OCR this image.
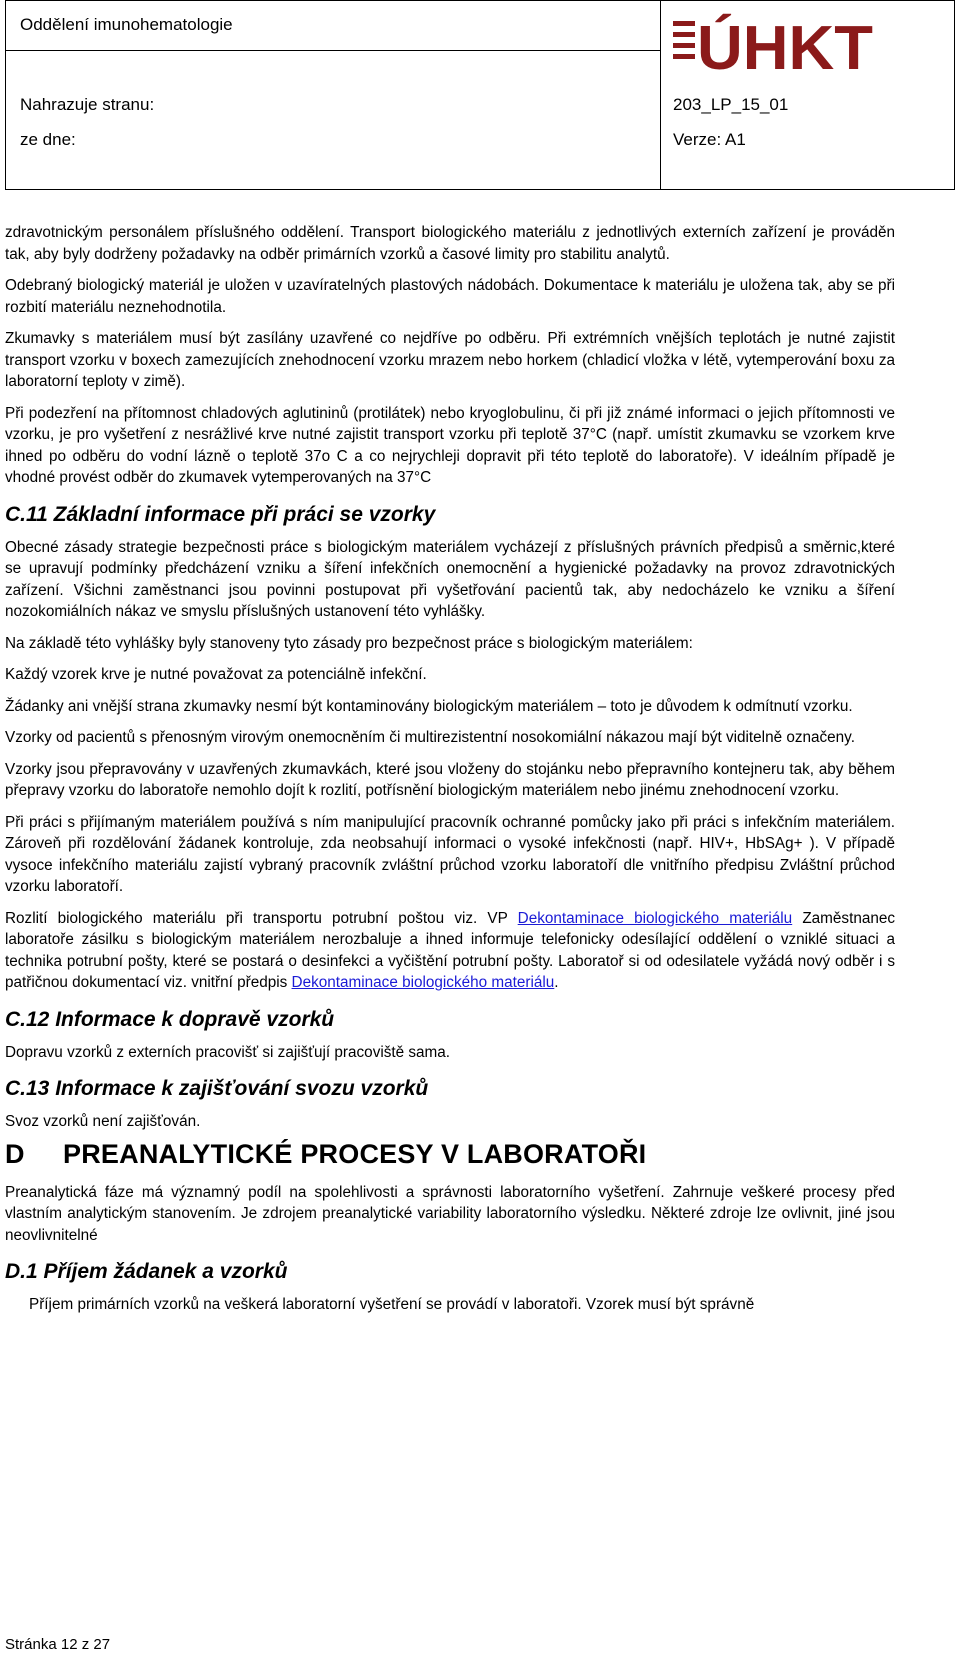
Oddělení imunohematologie
Nahrazuje stranu:
ze dne:
ÚHKT
203_LP_15_01
Verze: A1

zdravotnickým personálem příslušného oddělení. Transport biologického materiálu z jednotlivých externích zařízení je prováděn tak, aby byly dodrženy požadavky na odběr primárních vzorků a časové limity pro stabilitu analytů.

Odebraný biologický materiál je uložen v uzavíratelných plastových nádobách. Dokumentace k materiálu je uložena tak, aby se při rozbití materiálu neznehodnotila.

Zkumavky s materiálem musí být zasílány uzavřené co nejdříve po odběru. Při extrémních vnějších teplotách je nutné zajistit transport vzorku v boxech zamezujících znehodnocení vzorku mrazem nebo horkem (chladicí vložka v létě, vytemperování boxu za laboratorní teploty v zimě).

Při podezření na přítomnost chladových aglutininů (protilátek) nebo kryoglobulinu, či při již známé informaci o jejich přítomnosti ve vzorku, je pro vyšetření z nesrážlivé krve nutné zajistit transport vzorku při teplotě 37°C (např. umístit zkumavku se vzorkem krve ihned po odběru do vodní lázně o teplotě 37o C a co nejrychleji dopravit při této teplotě do laboratoře). V ideálním případě je vhodné provést odběr do zkumavek vytemperovaných na 37°C

C.11 Základní informace při práci se vzorky

Obecné zásady strategie bezpečnosti práce s biologickým materiálem vycházejí z příslušných právních předpisů a směrnic,které se upravují podmínky předcházení vzniku a šíření infekčních onemocnění a hygienické požadavky na provoz zdravotnických zařízení. Všichni zaměstnanci jsou povinni postupovat při vyšetřování pacientů tak, aby nedocházelo ke vzniku a šíření nozokomiálních nákaz ve smyslu příslušných ustanovení této vyhlášky.

Na základě této vyhlášky byly stanoveny tyto zásady pro bezpečnost práce s biologickým materiálem:

Každý vzorek krve je nutné považovat za potenciálně infekční.

Žádanky ani vnější strana zkumavky nesmí být kontaminovány biologickým materiálem – toto je důvodem k odmítnutí vzorku.

Vzorky od pacientů s přenosným virovým onemocněním či multirezistentní nosokomiální nákazou mají být viditelně označeny.

Vzorky jsou přepravovány v uzavřených zkumavkách, které jsou vloženy do stojánku nebo přepravního kontejneru tak, aby během přepravy vzorku do laboratoře nemohlo dojít k rozlití, potřísnění biologickým materiálem nebo jinému znehodnocení vzorku.

Při práci s přijímaným materiálem používá s ním manipulující pracovník ochranné pomůcky jako při práci s infekčním materiálem. Zároveň při rozdělování žádanek kontroluje, zda neobsahují informaci o vysoké infekčnosti (např. HIV+, HbSAg+ ). V případě vysoce infekčního materiálu zajistí vybraný pracovník zvláštní průchod vzorku laboratoří dle vnitřního předpisu Zvláštní průchod vzorku laboratoří.

Rozlití biologického materiálu při transportu potrubní poštou viz. VP Dekontaminace biologického materiálu Zaměstnanec laboratoře zásilku s biologickým materiálem nerozbaluje a ihned informuje telefonicky odesílající oddělení o vzniklé situaci a technika potrubní pošty, které se postará o desinfekci a vyčištění potrubní pošty. Laboratoř si od odesilatele vyžádá nový odběr i s patřičnou dokumentací viz. vnitřní předpis Dekontaminace biologického materiálu.

C.12 Informace k dopravě vzorků

Dopravu vzorků z externích pracovišť si zajišťují pracoviště sama.

C.13 Informace k zajišťování svozu vzorků

Svoz vzorků není zajišťován.

D PREANALYTICKÉ PROCESY V LABORATOŘI

Preanalytická fáze má významný podíl na spolehlivosti a správnosti laboratorního vyšetření. Zahrnuje veškeré procesy před vlastním analytickým stanovením. Je zdrojem preanalytické variability laboratorního výsledku. Některé zdroje lze ovlivnit, jiné jsou neovlivnitelné

D.1 Příjem žádanek a vzorků

Příjem primárních vzorků na veškerá laboratorní vyšetření se provádí v laboratoři. Vzorek musí být správně

Stránka 12 z 27
